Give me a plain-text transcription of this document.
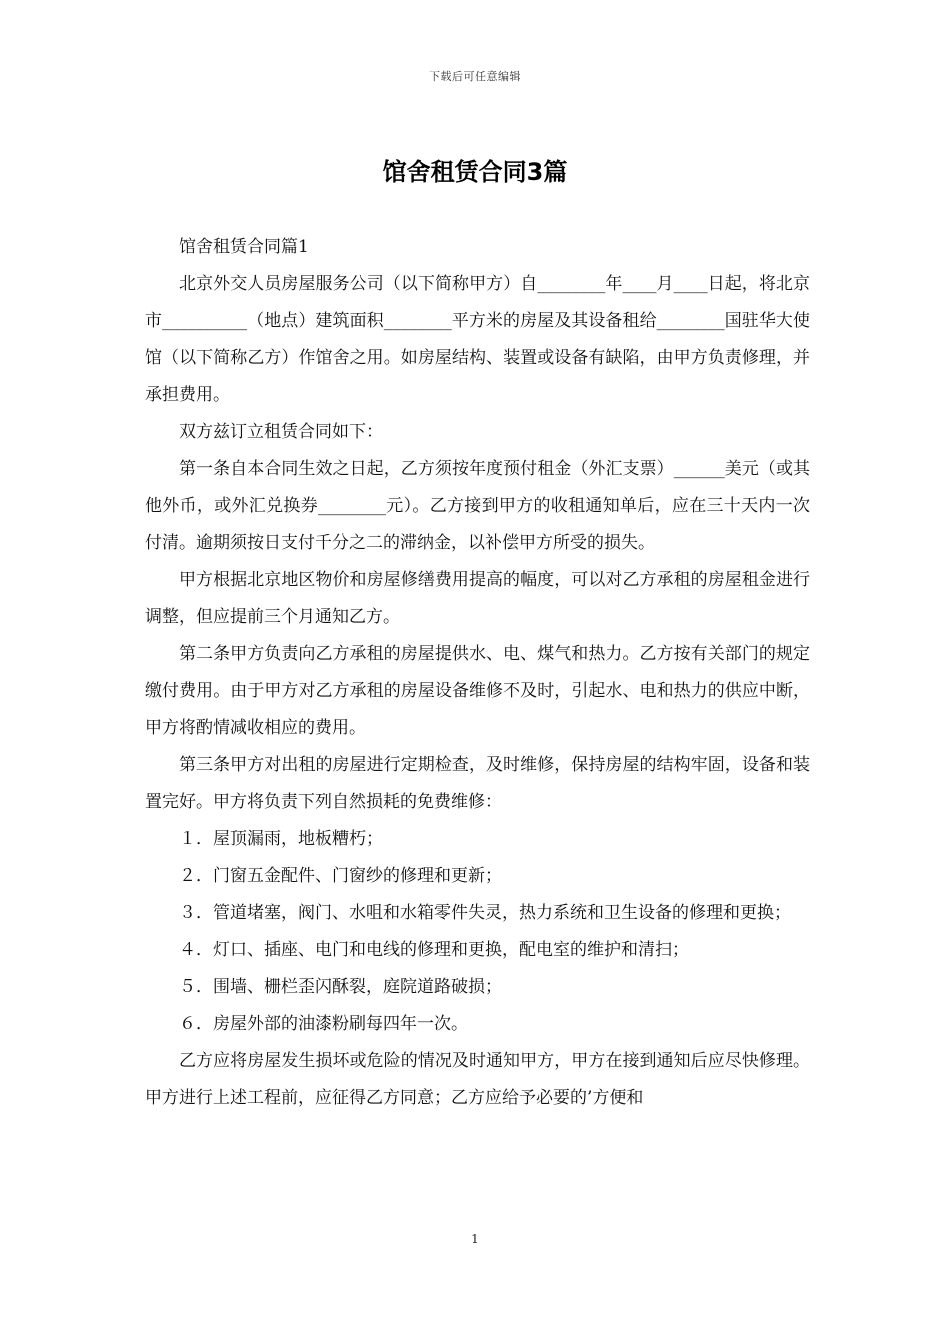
下载后可任意编辑
馆舍租赁合同3篇

馆舍租赁合同篇1

北京外交人员房屋服务公司（以下简称甲方）自________年____月____日起，将北京市__________（地点）建筑面积________平方米的房屋及其设备租给________国驻华大使馆（以下简称乙方）作馆舍之用。如房屋结构、装置或设备有缺陷，由甲方负责修理，并承担费用。

双方兹订立租赁合同如下：

第一条自本合同生效之日起，乙方须按年度预付租金（外汇支票）______美元（或其他外币，或外汇兑换券________元）。乙方接到甲方的收租通知单后，应在三十天内一次付清。逾期须按日支付千分之二的滞纳金，以补偿甲方所受的损失。

甲方根据北京地区物价和房屋修缮费用提高的幅度，可以对乙方承租的房屋租金进行调整，但应提前三个月通知乙方。

第二条甲方负责向乙方承租的房屋提供水、电、煤气和热力。乙方按有关部门的规定缴付费用。由于甲方对乙方承租的房屋设备维修不及时，引起水、电和热力的供应中断，甲方将酌情减收相应的费用。

第三条甲方对出租的房屋进行定期检查，及时维修，保持房屋的结构牢固，设备和装置完好。甲方将负责下列自然损耗的免费维修：

１．屋顶漏雨，地板糟朽；

２．门窗五金配件、门窗纱的修理和更新；

３．管道堵塞，阀门、水咀和水箱零件失灵，热力系统和卫生设备的修理和更换；

４．灯口、插座、电门和电线的修理和更换，配电室的维护和清扫；

５．围墙、栅栏歪闪酥裂，庭院道路破损；

６．房屋外部的油漆粉刷每四年一次。

乙方应将房屋发生损坏或危险的情况及时通知甲方，甲方在接到通知后应尽快修理。甲方进行上述工程前，应征得乙方同意；乙方应给予必要的’方便和

1
